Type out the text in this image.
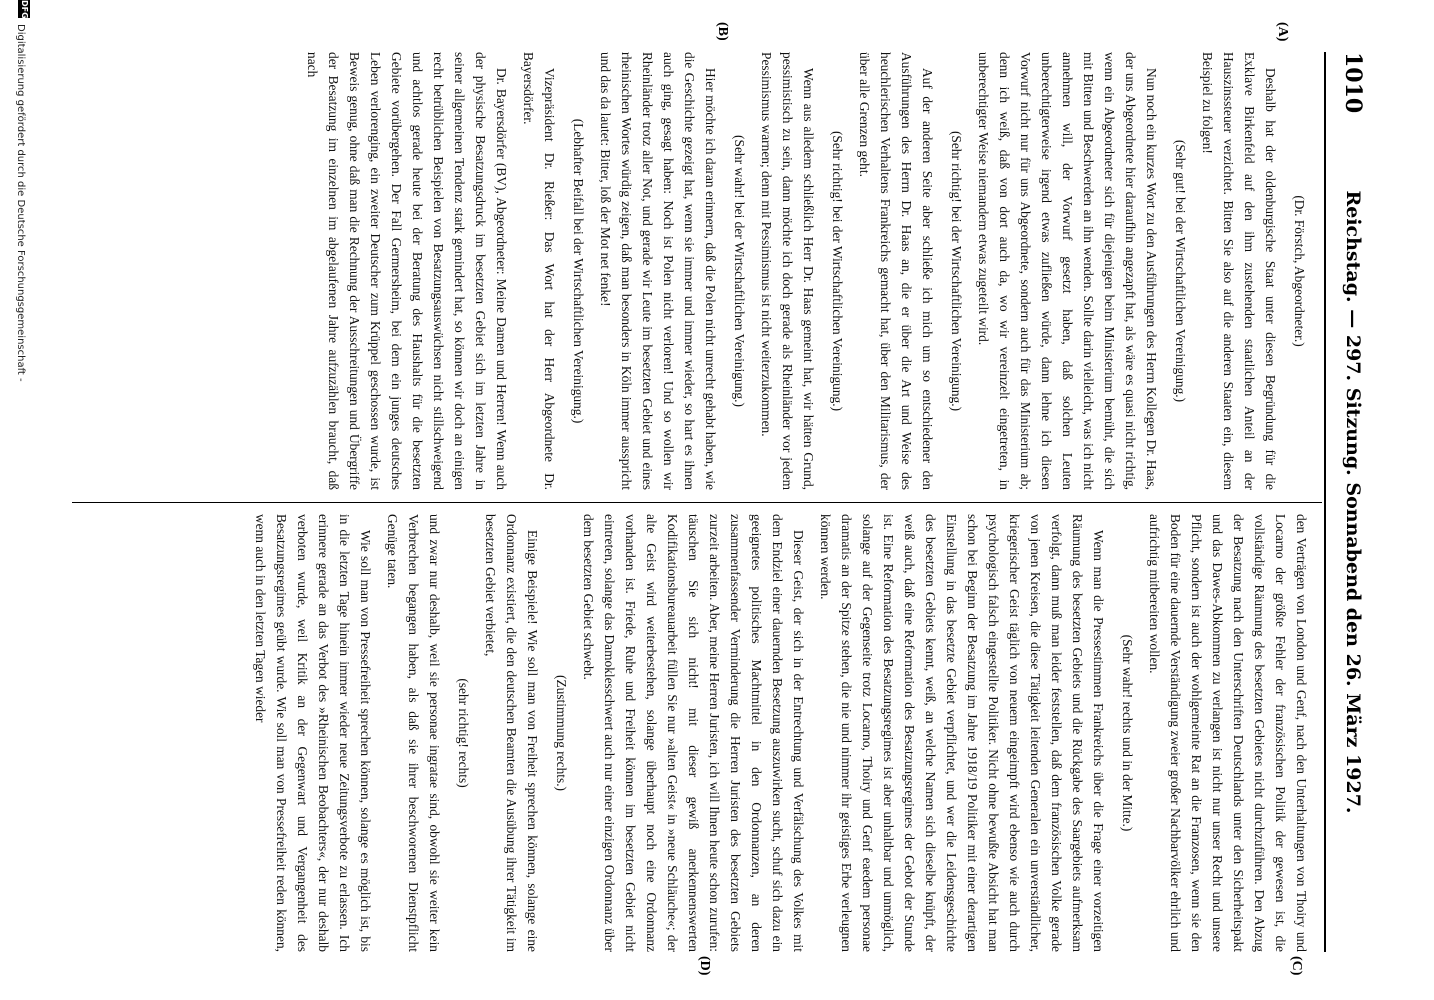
1010
Reichstag. — 297. Sitzung. Sonnabend den 26. März 1927.
(A)
(B)
(C)
(D)

(Dr. Förstch, Abgeordneter.)

Deshalb hat der oldenburgische Staat unter diesen Begründung für die Exklave Birkenfeld auf den ihm zustehenden staatlichen Anteil an der Hauszinssteuer verzichtet. Bitten Sie also auf die anderen Staaten ein, diesem Beispiel zu folgen!

(Sehr gut! bei der Wirtschaftlichen Vereinigung.)

Nun noch ein kurzes Wort zu den Ausführungen des Herrn Kollegen Dr. Haas, der uns Abgeordnete hier daraufhin angezapft hat, als wäre es quasi nicht richtig, wenn ein Abgeordneter sich für diejenigen beim Ministerium bemüht, die sich mit Bitten und Beschwerden an ihn wenden. Sollte darin vielleicht, was ich nicht annehmen will, der Vorwurf gesetzt haben, daß solchen Leuten unberechtigterweise irgend etwas zufließen würde, dann lehne ich diesen Vorwurf nicht nur für uns Abgeordnete, sondern auch für das Ministerium ab; denn ich weiß, daß von dort auch da, wo wir vereinzelt eingetreten, in unberechtigter Weise niemandem etwas zugeteilt wird.

(Sehr richtig! bei der Wirtschaftlichen Vereinigung.)

Auf der anderen Seite aber schließe ich mich um so entschiedener den Ausführungen des Herrn Dr. Haas an, die er über die Art und Weise des heuchlerischen Verhaltens Frankreichs gemacht hat, über den Militarismus, der über alle Grenzen geht.

(Sehr richtig! bei der Wirtschaftlichen Vereinigung.)

Wenn aus alledem schließlich Herr Dr. Haas gemeint hat, wir hätten Grund, pessimistisch zu sein, dann möchte ich doch gerade als Rheinländer vor jedem Pessimismus warnen; denn mit Pessimismus ist nicht weiterzukommen.

(Sehr wahr! bei der Wirtschaftlichen Vereinigung.)

Hier möchte ich daran erinnern, daß die Polen nicht unrecht gehabt haben, wie die Geschichte gezeigt hat, wenn sie immer und immer wieder, so hart es ihnen auch ging, gesagt haben: Noch ist Polen nicht verloren! Und so wollen wir Rheinländer trotz aller Not, und gerade wir Leute im besetzten Gebiet und eines rheinischen Wortes würdig zeigen, daß man besonders in Köln immer ausspricht und das da lautet: Bitter, loß der Mot net fenke!

(Lebhafter Beifall bei der Wirtschaftlichen Vereinigung.)

Vizepräsident Dr. Rießer: Das Wort hat der Herr Abgeordnete Dr. Bayersdörfer.

Dr. Bayersdörfer (BV), Abgeordneter: Meine Damen und Herren! Wenn auch der physische Besatzungsdruck im besetzten Gebiet sich im letzten Jahre in seiner allgemeinen Tendenz stark gemindert hat, so können wir doch an einigen recht betrüblichen Beispielen von Besatzungsauswüchsen nicht stillschweigend und achtlos gerade heute bei der Beratung des Haushalts für die besetzten Gebiete vorübergehen. Der Fall Germersheim, bei dem ein junges deutsches Leben verlorenging, ein zweiter Deutscher zum Krüppel geschossen wurde, ist Beweis genug, ohne daß man die Rechnung der Ausschreitungen und Übergriffe der Besatzung im einzelnen im abgelaufenen Jahre aufzuzählen braucht, daß nach

den Verträgen von London und Genf, nach den Unterhaltungen von Thoiry und Locarno der größte Fehler der französischen Politik der gewesen ist, die vollständige Räumung des besetzten Gebietes nicht durchzuführen. Den Abzug der Besatzung nach den Unterschriften Deutschlands unter den Sicherheitspakt und das Dawes-Abkommen zu verlangen ist nicht nur unser Recht und unsere Pflicht, sondern ist auch der wohlgemeinte Rat an die Franzosen, wenn sie den Boden für eine dauernde Verständigung zweier großer Nachbarvölker ehrlich und aufrichtig mitbereiten wollen.

(Sehr wahr! rechts und in der Mitte.)

Wenn man die Pressestimmen Frankreichs über die Frage einer vorzeitigen Räumung des besetzten Gebiets und die Rückgabe des Saargebiets aufmerksam verfolgt, dann muß man leider feststellen, daß dem französischen Volke gerade von jenen Kreisen, die diese Tätigkeit leitenden Generalen ein unverständlicher, kriegerischer Geist täglich von neuem eingeimpft wird ebenso wie auch durch psychologisch falsch eingestellte Politiker. Nicht ohne bewußte Absicht hat man schon bei Beginn der Besatzung im Jahre 1918/19 Politiker mit einer derartigen Einstellung in das besetzte Gebiet verpflichtet, und wer die Leidensgeschichte des besetzten Gebiets kennt, weiß, an welche Namen sich dieselbe knüpft, der weiß auch, daß eine Reformation des Besatzungsregimes der Gebot der Stunde ist. Eine Reformation des Besatzungsregimes ist aber unhaltbar und unmöglich, solange auf der Gegenseite trotz Locarno, Thoiry und Genf eaedem personae dramatis an der Spitze stehen, die nie und nimmer ihr geistiges Erbe verleugnen können werden.

Dieser Geist, der sich in der Entrechtung und Verfälschung des Volkes mit dem Endziel einer dauernden Besetzung auszuwirken sucht, schuf sich dazu ein geeignetes politisches Machtmittel in den Ordonnanzen, an deren zusammenfassender Verminderung die Herren Juristen des besetzten Gebiets zurzeit arbeiten. Aber, meine Herren Juristen, ich will Ihnen heute schon zurufen: täuschen Sie sich nicht! mit dieser gewiß anerkennenswerten Kodifikationsbureauarbeit füllen Sie nur »alten Geist« in »neue Schläuche«; der alte Geist wird weiterbestehen, solange überhaupt noch eine Ordonnanz vorhanden ist. Friede, Ruhe und Freiheit können im besetzten Gebiet nicht eintreten, solange das Damoklesschwert auch nur einer einzigen Ordonnanz über dem besetzten Gebiet schwebt.

(Zustimmung rechts.)

Einige Beispiele! Wie soll man von Freiheit sprechen können, solange eine Ordonnanz existiert, die den deutschen Beamten die Ausübung ihrer Tätigkeit im besetzten Gebiet verbietet,

(sehr richtig! rechts)

und zwar nur deshalb, weil sie personae ingratae sind, obwohl sie weiter kein Verbrechen begangen haben, als daß sie ihrer beschworenen Dienstpflicht Genüge taten.

Wie soll man von Pressefreiheit sprechen können, solange es möglich ist, bis in die letzten Tage hinein immer wieder neue Zeitungsverbote zu erlassen. Ich erinnere gerade an das Verbot des »Rheinischen Beobachters«, der nur deshalb verboten wurde, weil Kritik an der Gegenwart und Vergangenheit des Besatzungsregimes geübt wurde. Wie soll man von Pressefreiheit reden können, wenn auch in den letzten Tagen wieder

DFG
Digitalisierung gefördert durch die Deutsche Forschungsgemeinschaft -
